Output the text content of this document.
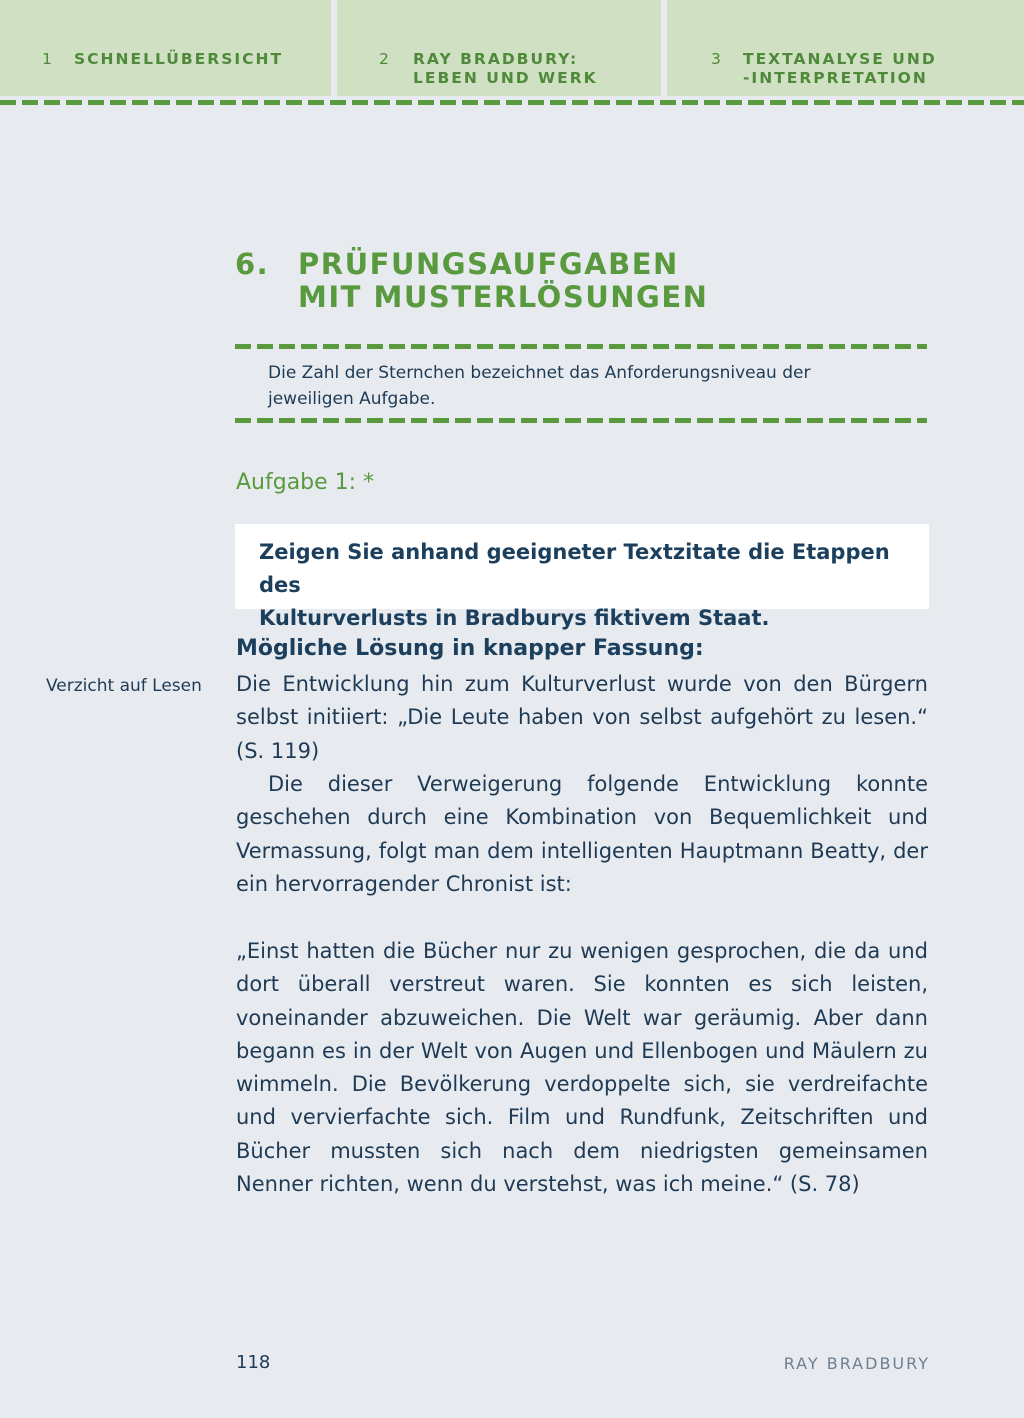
1 SCHNELLÜBERSICHT	2 RAY BRADBURY:
LEBEN UND WERK
3 TEXTANALYSE UND
-INTERPRETATION
6. PRÜFUNGSAUFGABEN
MIT MUSTERLÖSUNGEN
Die Zahl der Sternchen bezeichnet das Anforderungsniveau der jeweiligen Aufgabe.
Aufgabe 1: *

Zeigen Sie anhand geeigneter Textzitate die Etappen des

Kulturverlusts in Bradburys fiktivem Staat.

Mögliche Lösung in knapper Fassung:
Verzicht auf Lesen Die Entwicklung hin zum Kulturverlust wurde von den Bürgern selbst initiiert: „Die Leute haben von selbst aufgehört zu lesen.“ (S. 119)

Die dieser Verweigerung folgende Entwicklung konnte geschehen durch eine Kombination von Bequemlichkeit und Vermassung, folgt man dem intelligenten Hauptmann Beatty, der ein hervorragender Chronist ist:

„Einst hatten die Bücher nur zu wenigen gesprochen, die da und dort überall verstreut waren. Sie konnten es sich leisten, voneinander abzuweichen. Die Welt war geräumig. Aber dann begann es in der Welt von Augen und Ellenbogen und Mäulern zu wimmeln. Die Bevölkerung verdoppelte sich, sie verdreifachte und vervierfachte sich. Film und Rundfunk, Zeitschriften und Bücher mussten sich nach dem niedrigsten gemeinsamen Nenner richten, wenn du verstehst, was ich meine.“ (S. 78)

118	RAY BRADBURY
